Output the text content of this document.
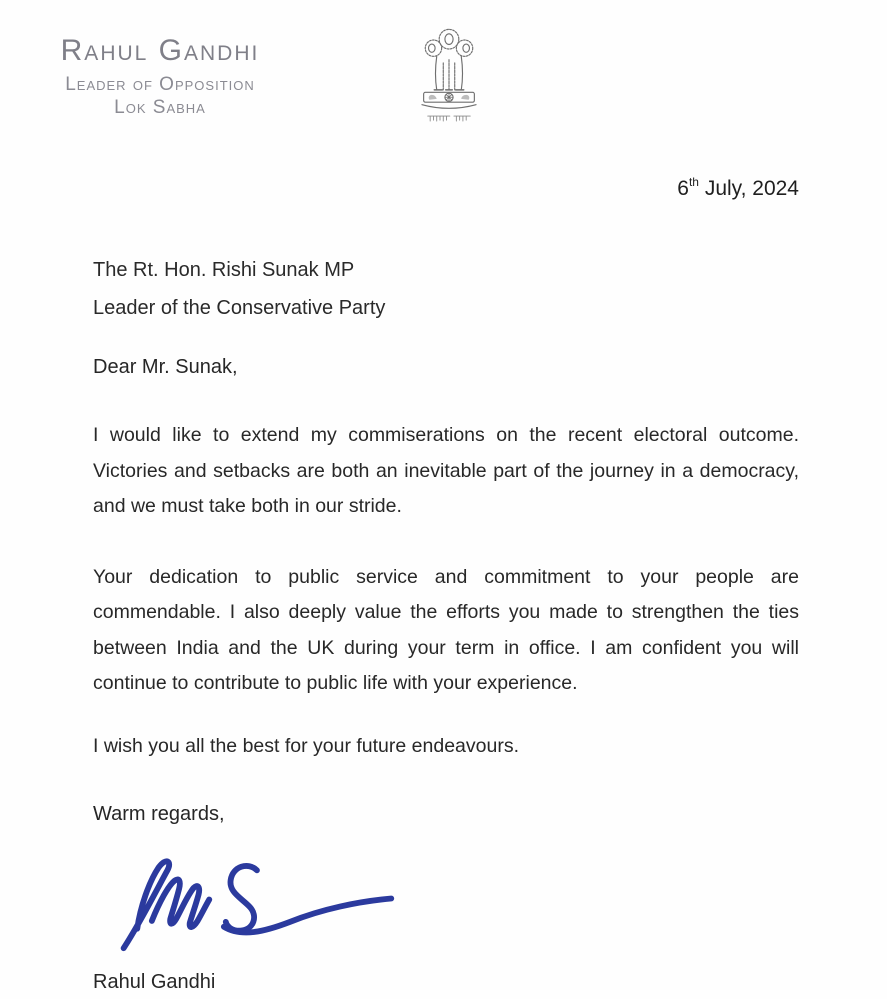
Rahul Gandhi
Leader of Opposition
Lok Sabha
6th July, 2024
The Rt. Hon. Rishi Sunak MP
Leader of the Conservative Party
Dear Mr. Sunak,
I would like to extend my commiserations on the recent electoral outcome. Victories and setbacks are both an inevitable part of the journey in a democracy, and we must take both in our stride.
Your dedication to public service and commitment to your people are commendable. I also deeply value the efforts you made to strengthen the ties between India and the UK during your term in office. I am confident you will continue to contribute to public life with your experience.
I wish you all the best for your future endeavours.
Warm regards,
Rahul Gandhi
